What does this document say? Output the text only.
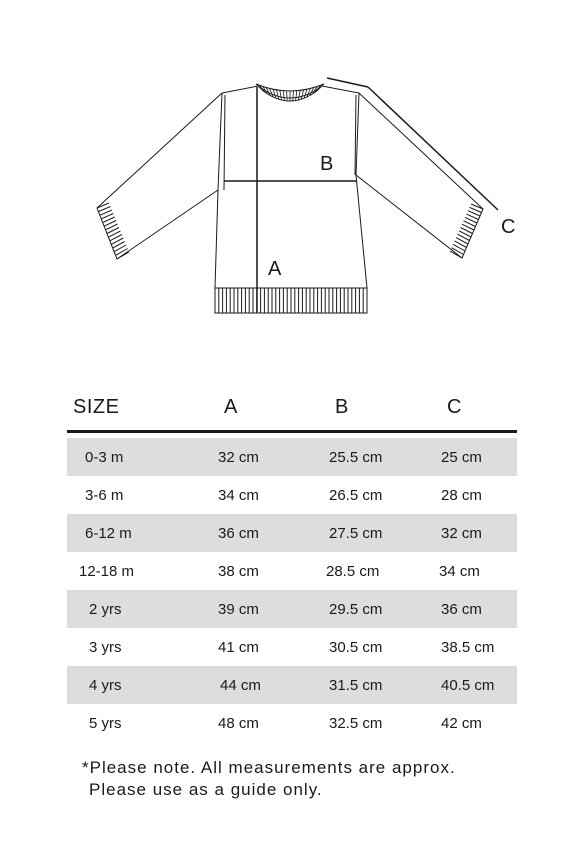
A
B
C
SIZE	A	B	C
0-3 m	32 cm	25.5 cm	25 cm
3-6 m	34 cm	26.5 cm	28 cm
6-12 m	36 cm	27.5 cm	32 cm
12-18 m	38 cm	28.5 cm	34 cm
2 yrs	39 cm	29.5 cm	36 cm
3 yrs	41 cm	30.5 cm	38.5 cm
4 yrs	44 cm	31.5 cm	40.5 cm
5 yrs	48 cm	32.5 cm	42 cm
*Please note. All measurements are approx.
Please use as a guide only.
